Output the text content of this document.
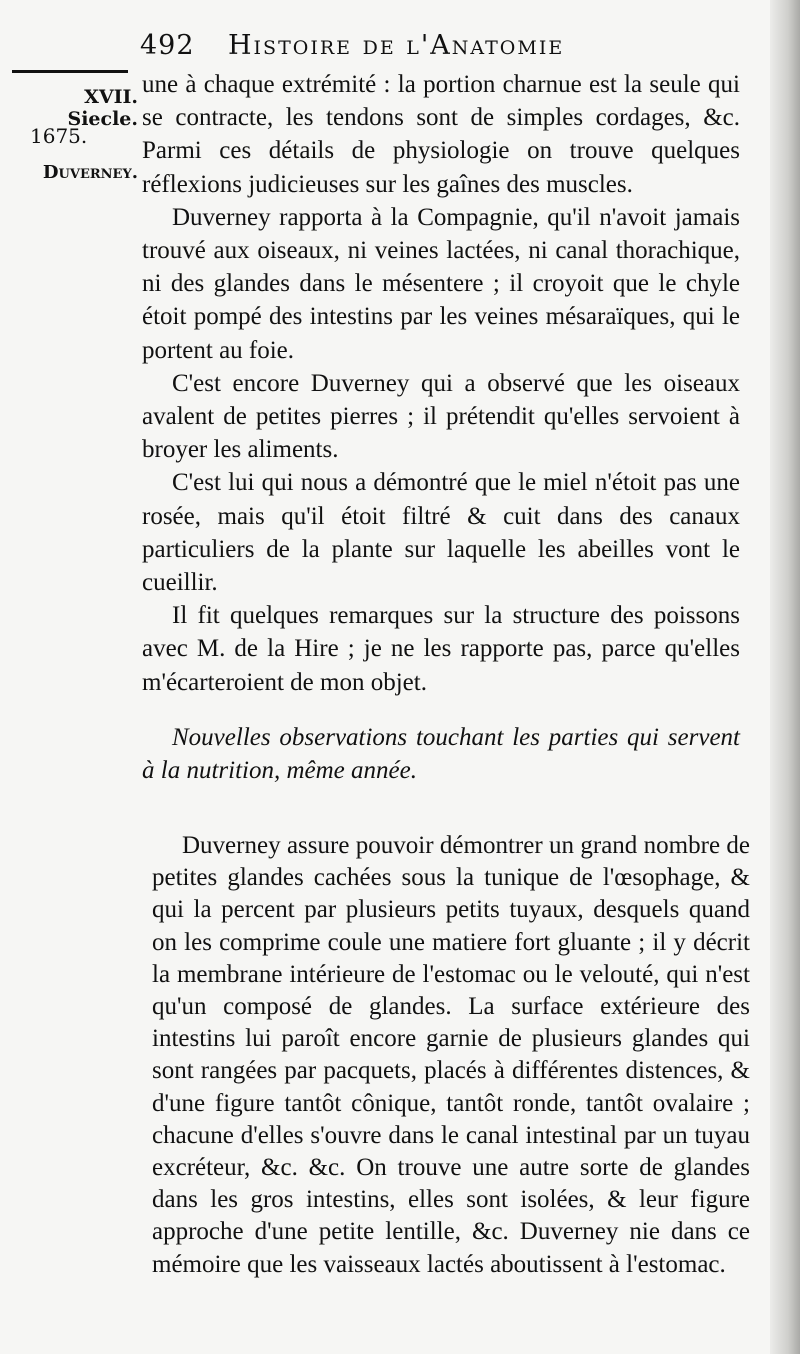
492 Histoire de l'Anatomie
XVII. Siecle.
1675.
Duverney.

une à chaque extrémité : la portion charnue est la seule qui se contracte, les tendons sont de simples cordages, &c. Parmi ces détails de physiologie on trouve quelques réflexions judicieuses sur les gaînes des muscles.

Duverney rapporta à la Compagnie, qu'il n'avoit jamais trouvé aux oiseaux, ni veines lactées, ni canal thorachique, ni des glandes dans le mésentere ; il croyoit que le chyle étoit pompé des intestins par les veines mésaraïques, qui le portent au foie.

C'est encore Duverney qui a observé que les oiseaux avalent de petites pierres ; il prétendit qu'elles servoient à broyer les aliments.

C'est lui qui nous a démontré que le miel n'étoit pas une rosée, mais qu'il étoit filtré & cuit dans des canaux particuliers de la plante sur laquelle les abeilles vont le cueillir.

Il fit quelques remarques sur la structure des poissons avec M. de la Hire ; je ne les rapporte pas, parce qu'elles m'écarteroient de mon objet.

Nouvelles observations touchant les parties qui servent à la nutrition, même année.

Duverney assure pouvoir démontrer un grand nombre de petites glandes cachées sous la tunique de l'œsophage, & qui la percent par plusieurs petits tuyaux, desquels quand on les comprime coule une matiere fort gluante ; il y décrit la membrane intérieure de l'estomac ou le velouté, qui n'est qu'un composé de glandes. La surface extérieure des intestins lui paroît encore garnie de plusieurs glandes qui sont rangées par pacquets, placés à différentes distences, & d'une figure tantôt cônique, tantôt ronde, tantôt ovalaire ; chacune d'elles s'ouvre dans le canal intestinal par un tuyau excréteur, &c. &c. On trouve une autre sorte de glandes dans les gros intestins, elles sont isolées, & leur figure approche d'une petite lentille, &c. Duverney nie dans ce mémoire que les vaisseaux lactés aboutissent à l'estomac.
